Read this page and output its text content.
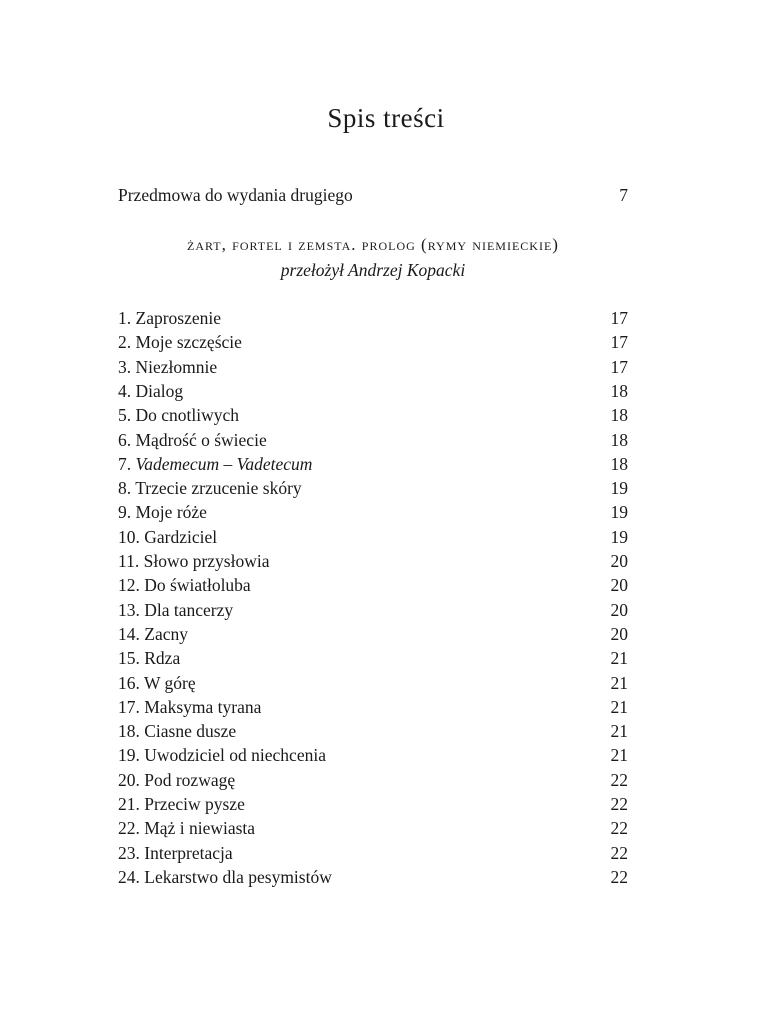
Spis treści
Przedmowa do wydania drugiego	7
żart, fortel i zemsta. prolog (rymy niemieckie)
przełożył Andrzej Kopacki
1. Zaproszenie	17
2. Moje szczęście	17
3. Niezłomnie	17
4. Dialog	18
5. Do cnotliwych	18
6. Mądrość o świecie	18
7. Vademecum – Vadetecum	18
8. Trzecie zrzucenie skóry	19
9. Moje róże	19
10. Gardziciel	19
11. Słowo przysłowia	20
12. Do światłoluba	20
13. Dla tancerzy	20
14. Zacny	20
15. Rdza	21
16. W górę	21
17. Maksyma tyrana	21
18. Ciasne dusze	21
19. Uwodziciel od niechcenia	21
20. Pod rozwagę	22
21. Przeciw pysze	22
22. Mąż i niewiasta	22
23. Interpretacja	22
24. Lekarstwo dla pesymistów	22
